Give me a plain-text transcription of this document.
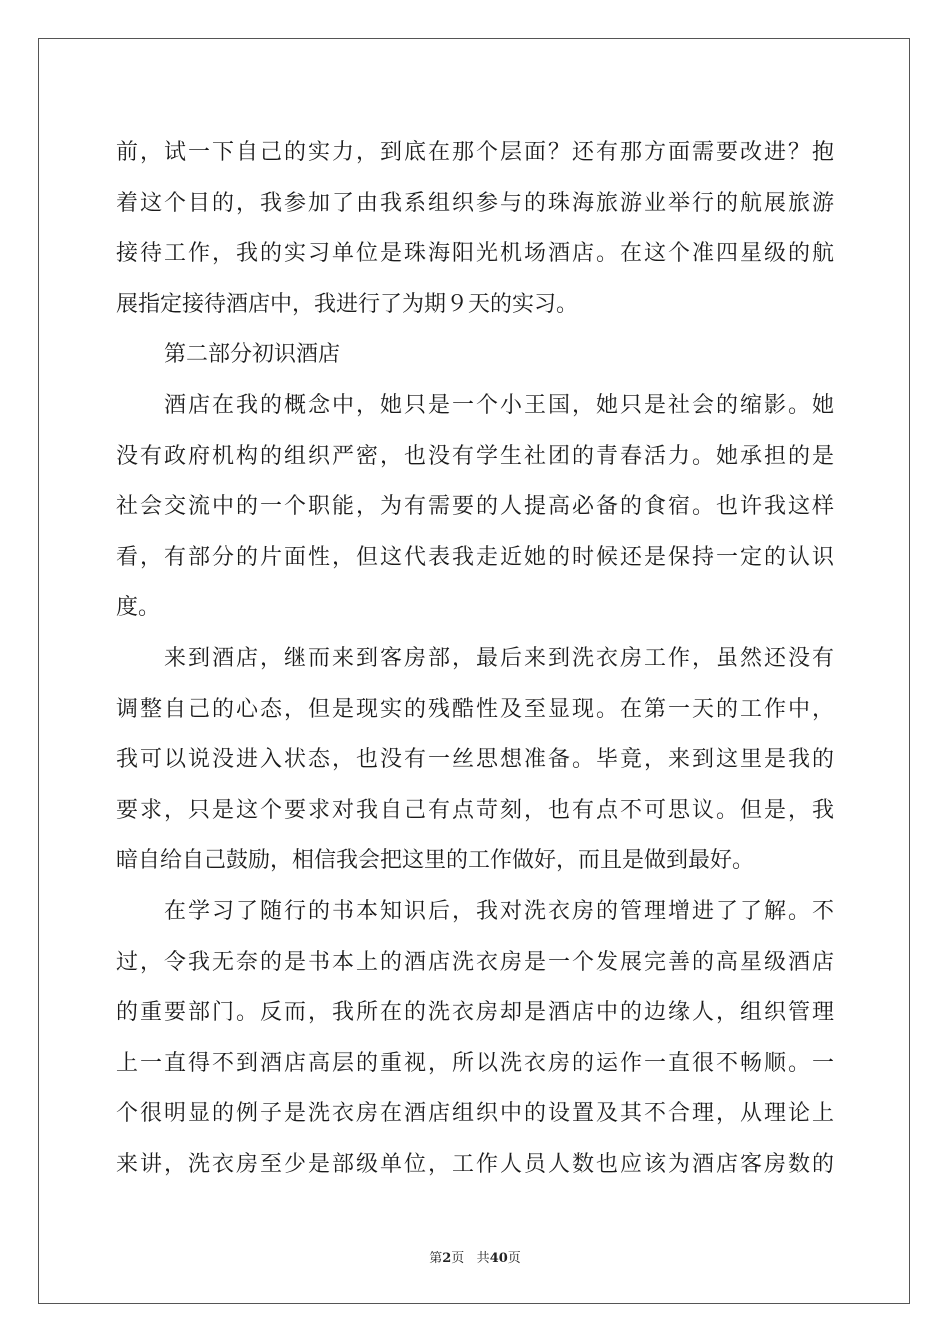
前，试一下自己的实力，到底在那个层面？还有那方面需要改进？抱
着这个目的，我参加了由我系组织参与的珠海旅游业举行的航展旅游
接待工作，我的实习单位是珠海阳光机场酒店。在这个准四星级的航
展指定接待酒店中，我进行了为期９天的实习。
第二部分初识酒店
酒店在我的概念中，她只是一个小王国，她只是社会的缩影。她
没有政府机构的组织严密，也没有学生社团的青春活力。她承担的是
社会交流中的一个职能，为有需要的人提高必备的食宿。也许我这样
看，有部分的片面性，但这代表我走近她的时候还是保持一定的认识
度。
来到酒店，继而来到客房部，最后来到洗衣房工作，虽然还没有
调整自己的心态，但是现实的残酷性及至显现。在第一天的工作中，
我可以说没进入状态，也没有一丝思想准备。毕竟，来到这里是我的
要求，只是这个要求对我自己有点苛刻，也有点不可思议。但是，我
暗自给自己鼓励，相信我会把这里的工作做好，而且是做到最好。
在学习了随行的书本知识后，我对洗衣房的管理增进了了解。不
过，令我无奈的是书本上的酒店洗衣房是一个发展完善的高星级酒店
的重要部门。反而，我所在的洗衣房却是酒店中的边缘人，组织管理
上一直得不到酒店高层的重视，所以洗衣房的运作一直很不畅顺。一
个很明显的例子是洗衣房在酒店组织中的设置及其不合理，从理论上
来讲，洗衣房至少是部级单位，工作人员人数也应该为酒店客房数的
第2页 共40页
